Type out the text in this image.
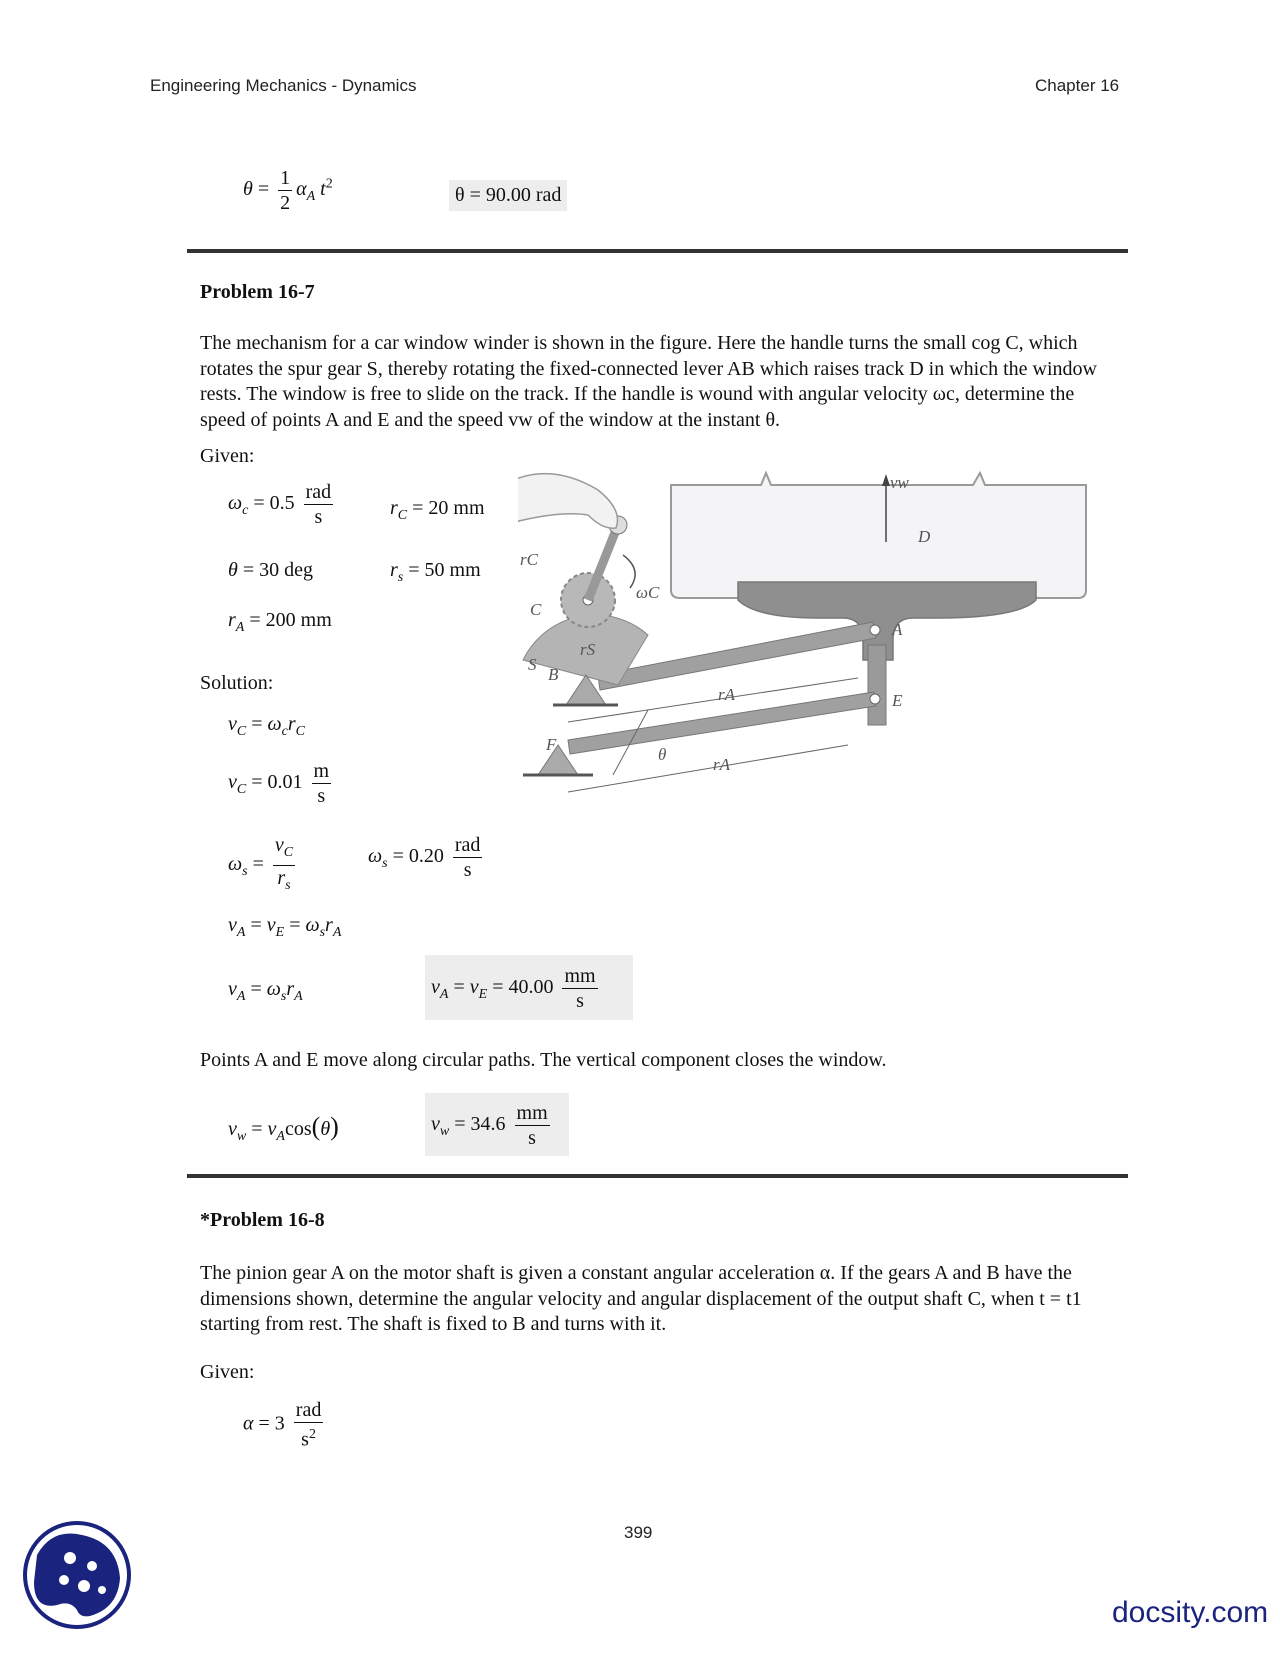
Engineering Mechanics - Dynamics	Chapter 16
$\theta = \frac{1}{2} \alpha_A$ $t^2$
θ = 90.00 rad
Problem 16-7
The mechanism for a car window winder is shown in the figure. Here the handle turns the small cog C, which rotates the spur gear S, thereby rotating the fixed-connected lever AB which raises track D in which the window rests. The window is free to slide on the track. If the handle is wound with angular velocity ωc, determine the speed of points A and E and the speed vw of the window at the instant θ.
Given:
$\omega_c = 0.5 \frac{\text{rad}}{s}$	$r_C = 20$ mm
θ = 30 deg	$r_s = 50$ mm
$r_A = 200$ mm
Solution:
$v_C = \omega_cr_C$
$v_C = 0.01 \frac{m}{s}$
$\omega_s = \frac{v_C}{r_s}$	$\omega_s = 0.20 \frac{\text{rad}}{s}$
$v_A = v_E = \omega_sr_A$
$v_A = \omega_sr_A$	$v_A = v_E = 40.00 \frac{mm}{s}$
Points A and E move along circular paths. The vertical component closes the window.
$v_w = v_A\cos(\theta)$	$v_w = 34.6 \frac{mm}{s}$
rC
ωC
C
rS
S
B
A
E
F
rA
rA
θ
D
vw
*Problem 16-8
The pinion gear A on the motor shaft is given a constant angular acceleration α. If the gears A and B have the dimensions shown, determine the angular velocity and angular displacement of the output shaft C, when t = t1 starting from rest. The shaft is fixed to B and turns with it.
Given:
$\alpha = 3 \frac{\text{rad}}{s^2}$
399
docsity.com
